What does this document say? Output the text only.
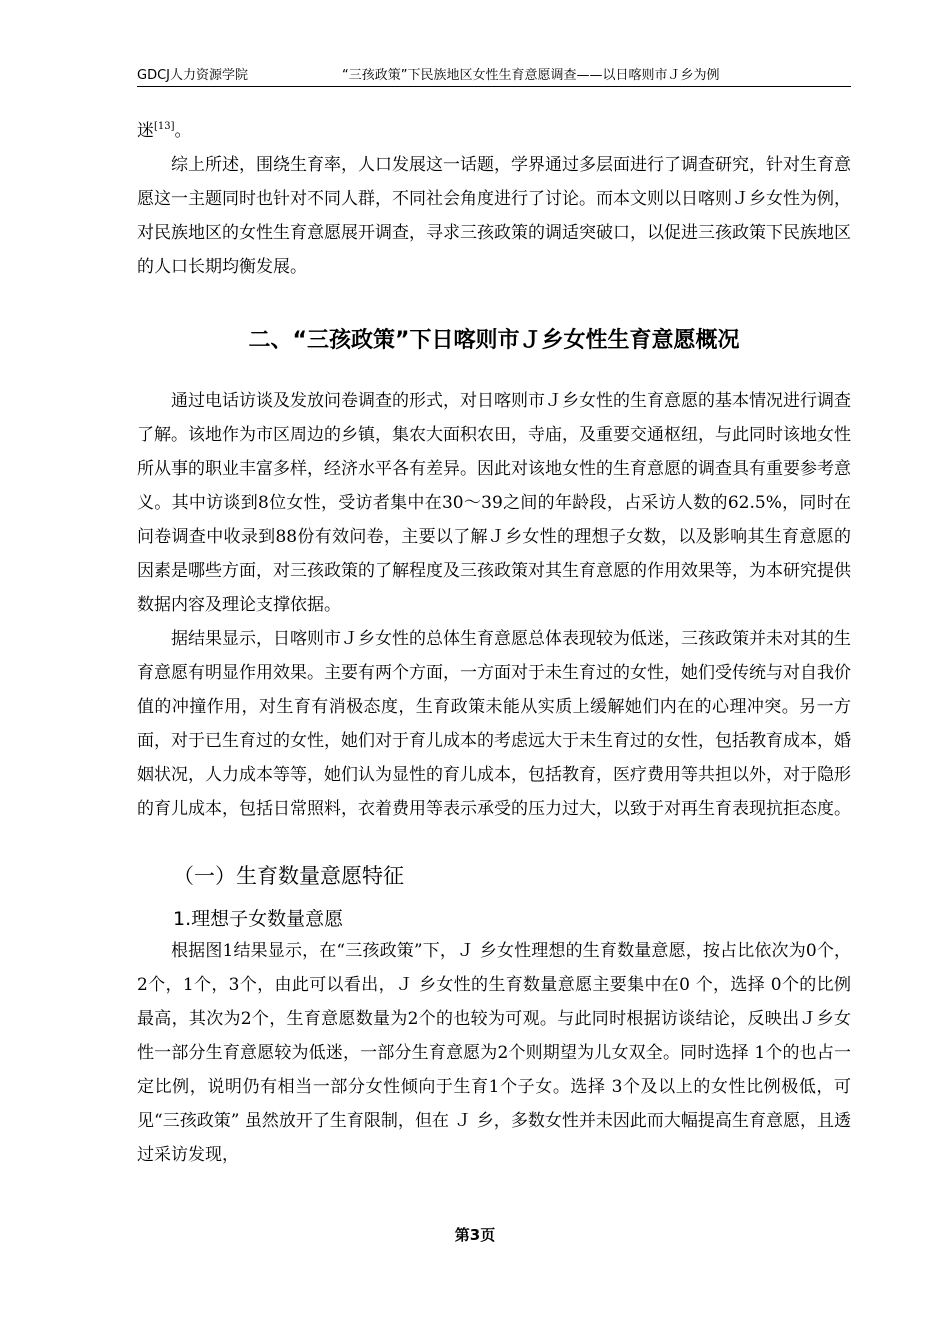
GDCJ人力资源学院	“三孩政策”下民族地区女性生育意愿调查——以日喀则市Ｊ乡为例

迷[13]。

综上所述，围绕生育率，人口发展这一话题，学界通过多层面进行了调查研究，针对生育意愿这一主题同时也针对不同人群，不同社会角度进行了讨论。而本文则以日喀则Ｊ乡女性为例，对民族地区的女性生育意愿展开调查，寻求三孩政策的调适突破口，以促进三孩政策下民族地区的人口长期均衡发展。

二、“三孩政策”下日喀则市Ｊ乡女性生育意愿概况

通过电话访谈及发放问卷调查的形式，对日喀则市Ｊ乡女性的生育意愿的基本情况进行调查了解。该地作为市区周边的乡镇，集农大面积农田，寺庙，及重要交通枢纽，与此同时该地女性所从事的职业丰富多样，经济水平各有差异。因此对该地女性的生育意愿的调查具有重要参考意义。其中访谈到8位女性，受访者集中在30～39之间的年龄段，占采访人数的62.5%，同时在问卷调查中收录到88份有效问卷，主要以了解Ｊ乡女性的理想子女数，以及影响其生育意愿的因素是哪些方面，对三孩政策的了解程度及三孩政策对其生育意愿的作用效果等，为本研究提供数据内容及理论支撑依据。

据结果显示，日喀则市Ｊ乡女性的总体生育意愿总体表现较为低迷，三孩政策并未对其的生育意愿有明显作用效果。主要有两个方面，一方面对于未生育过的女性，她们受传统与对自我价值的冲撞作用，对生育有消极态度，生育政策未能从实质上缓解她们内在的心理冲突。另一方面，对于已生育过的女性，她们对于育儿成本的考虑远大于未生育过的女性，包括教育成本，婚姻状况，人力成本等等，她们认为显性的育儿成本，包括教育，医疗费用等共担以外，对于隐形的育儿成本，包括日常照料，衣着费用等表示承受的压力过大，以致于对再生育表现抗拒态度。

（一）生育数量意愿特征
1.理想子女数量意愿

根据图1结果显示，在“三孩政策”下，Ｊ 乡女性理想的生育数量意愿，按占比依次为0个，2个，1个，3个，由此可以看出，Ｊ 乡女性的生育数量意愿主要集中在0 个，选择 0个的比例最高，其次为2个，生育意愿数量为2个的也较为可观。与此同时根据访谈结论，反映出Ｊ乡女性一部分生育意愿较为低迷，一部分生育意愿为2个则期望为儿女双全。同时选择 1个的也占一定比例，说明仍有相当一部分女性倾向于生育1个子女。选择 3个及以上的女性比例极低，可见“三孩政策” 虽然放开了生育限制，但在 Ｊ 乡，多数女性并未因此而大幅提高生育意愿，且透过采访发现，

第3页
